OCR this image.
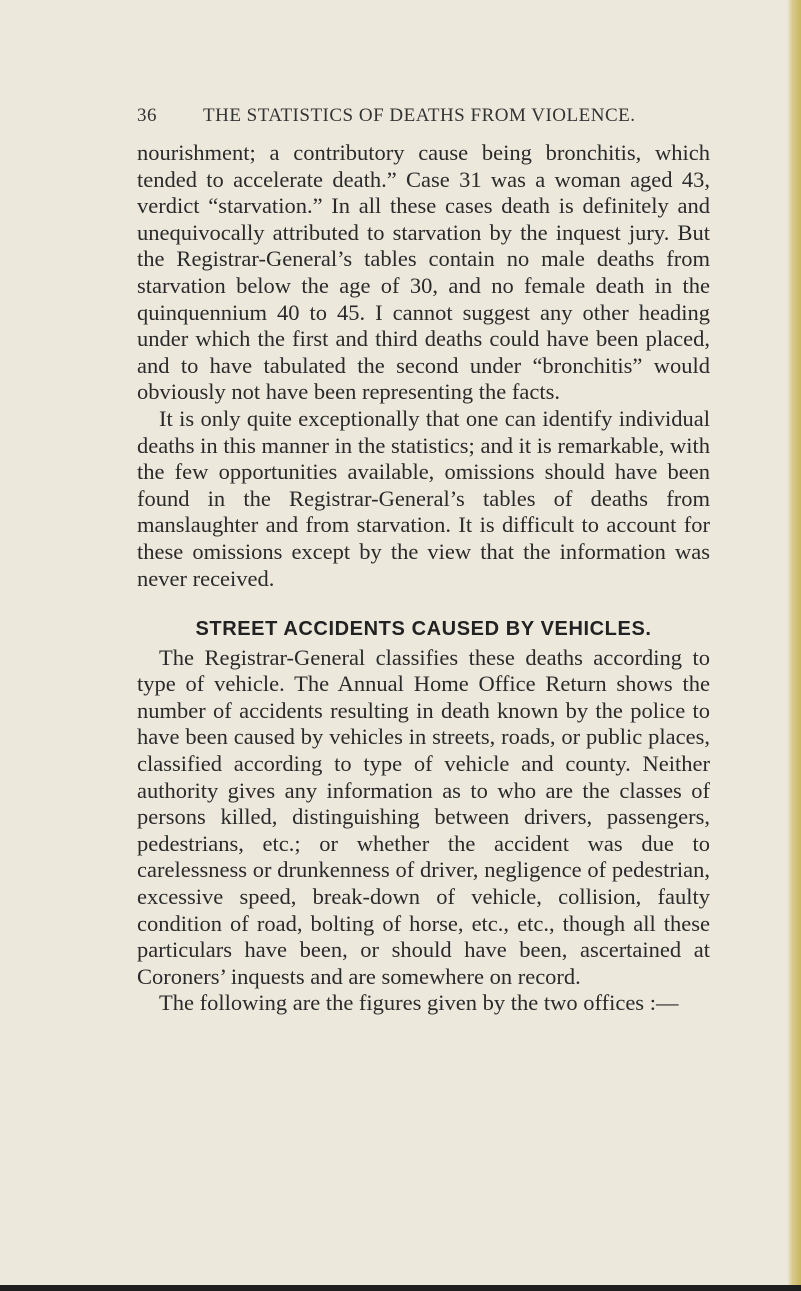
36 THE STATISTICS OF DEATHS FROM VIOLENCE.

nourishment; a contributory cause being bronchitis, which tended to accelerate death.” Case 31 was a woman aged 43, verdict “starvation.” In all these cases death is definitely and unequivocally attributed to starvation by the inquest jury. But the Registrar-General’s tables contain no male deaths from starvation below the age of 30, and no female death in the quinquennium 40 to 45. I cannot suggest any other heading under which the first and third deaths could have been placed, and to have tabulated the second under “bronchitis” would obviously not have been representing the facts.

It is only quite exceptionally that one can identify individual deaths in this manner in the statistics; and it is remarkable, with the few opportunities available, omissions should have been found in the Registrar-General’s tables of deaths from manslaughter and from starvation. It is difficult to account for these omissions except by the view that the information was never received.

STREET ACCIDENTS CAUSED BY VEHICLES.

The Registrar-General classifies these deaths according to type of vehicle. The Annual Home Office Return shows the number of accidents resulting in death known by the police to have been caused by vehicles in streets, roads, or public places, classified according to type of vehicle and county. Neither authority gives any information as to who are the classes of persons killed, distinguishing between drivers, passengers, pedestrians, etc.; or whether the accident was due to carelessness or drunkenness of driver, negligence of pedestrian, excessive speed, break-down of vehicle, collision, faulty condition of road, bolting of horse, etc., etc., though all these particulars have been, or should have been, ascertained at Coroners’ inquests and are somewhere on record.

The following are the figures given by the two offices :—
